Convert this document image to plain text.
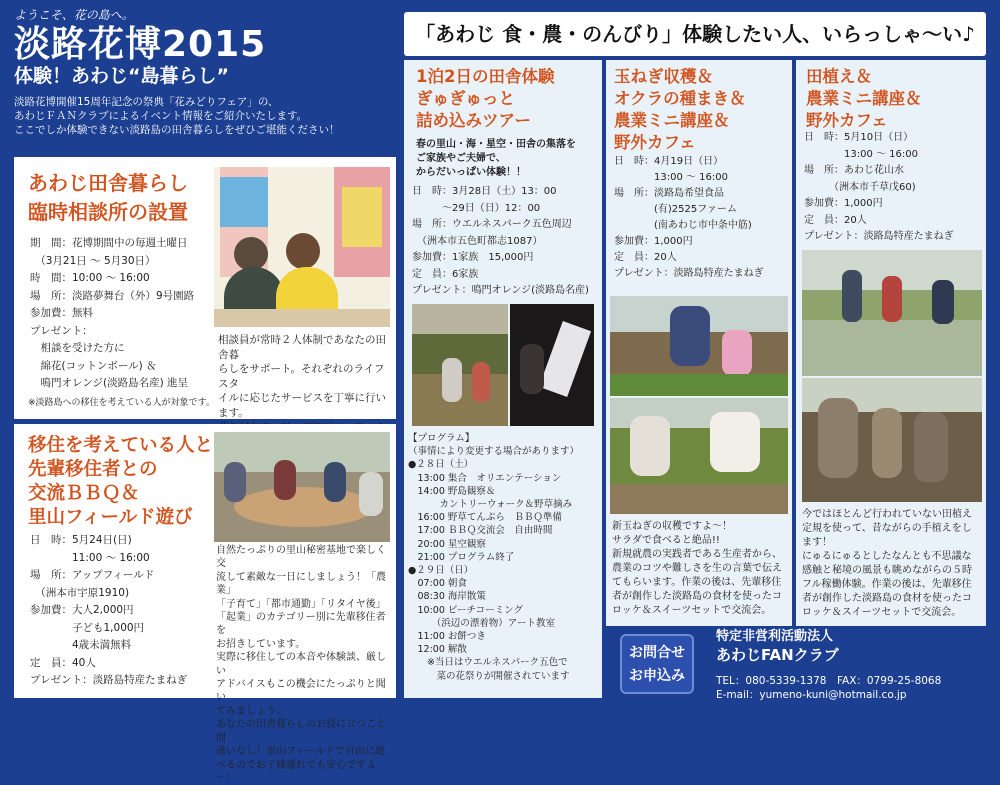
ようこそ、花の島へ。
淡路花博2015
体験！あわじ“島暮らし”
淡路花博開催15周年記念の祭典「花みどりフェア」の、
あわじＦＡＮクラブによるイベント情報をご紹介いたします。
ここでしか体験できない淡路島の田舎暮らしをぜひご堪能ください！
あわじ田舎暮らし
臨時相談所の設置
期　間：花博期間中の毎週土曜日
　（3月21日 ～ 5月30日）
時　間：10:00 ～ 16:00
場　所：淡路夢舞台（外）9号園路
参加費：無料
プレゼント：
　相談を受けた方に
　綿花(コットンボール) ＆
　鳴門オレンジ(淡路島名産) 進呈
※淡路島への移住を考えている人が対象です。
相談員が常時２人体制であなたの田舎暮
らしをサポート。それぞれのライフスタ
イルに応じたサービスを丁寧に行います。
移住を考えている人と
先輩移住者との
交流ＢＢＱ＆
里山フィールド遊び
日　時：5月24日(日)
　　　　11:00 ～ 16:00
場　所：アップフィールド
　（洲本市宇原1910)
参加費：大人2,000円
　　　　子ども1,000円
　　　　4歳未満無料
定　員：40人
プレゼント：淡路島特産たまねぎ
自然たっぷりの里山秘密基地で楽しく交
流して素敵な一日にしましょう！「農業」
「子育て」「都市通勤」「リタイヤ後」
「起業」のカテゴリー別に先輩移住者を
お招きしています。
実際に移住しての本音や体験談、厳しい
アドバイスもこの機会にたっぷりと聞い
てみましょう。
あなたの田舎暮らしのお役に立つこと間
違いなし！里山フィールドで自由に遊
べるのでお子様連れでも安心ですよ～！
「あわじ 食・農・のんびり」体験したい人、いらっしゃ～い♪
1泊2日の田舎体験
ぎゅぎゅっと
詰め込みツアー
春の里山・海・星空・田舎の集落を
ご家族やご夫婦で、
からだいっぱい体験！！
日　時：3月28日（土）13：00
　　　～29日（日）12：00
場　所：ウエルネスパーク五色周辺
　（洲本市五色町都志1087）
参加費：1家族　15,000円
定　員：6家族
プレゼント：鳴門オレンジ(淡路島名産)
【プログラム】
（事情により変更する場合があります）
●２８日（土）
　13:00 集合　オリエンテーション
　14:00 野島観察＆
　　　 カントリーウォーク＆野草摘み
　16:00 野草てんぷら　ＢＢＱ準備
　17:00 ＢＢＱ交流会　自由時間
　20:00 星空観察
　21:00 プログラム終了
●２９日（日）
　07:00 朝食
　08:30 海岸散策
　10:00 ビーチコーミング
　　　（浜辺の漂着物）アート教室
　11:00 お餅つき
　12:00 解散
　　※当日はウエルネスパーク五色で
　　　菜の花祭りが開催されています
玉ねぎ収穫＆
オクラの種まき＆
農業ミニ講座＆
野外カフェ
日　時：4月19日（日）
　　　　13:00 ～ 16:00
場　所：淡路島希望食品
　　　　(有)2525ファーム
　　　　(南あわじ市中条中筋)
参加費：1,000円
定　員：20人
プレゼント：淡路島特産たまねぎ
新玉ねぎの収穫ですよ～！
サラダで食べると絶品!!
新規就農の実践者である生産者から、
農業のコツや難しさを生の言葉で伝え
てもらいます。作業の後は、先輩移住
者が創作した淡路島の食材を使ったコ
ロッケ＆スイーツセットで交流会。
田植え＆
農業ミニ講座＆
野外カフェ
日　時：5月10日（日）
　　　　13:00 ～ 16:00
場　所：あわじ花山水
　　　（洲本市千草戊60)
参加費：1,000円
定　員：20人
プレゼント：淡路島特産たまねぎ
今ではほとんど行われていない田植え
定規を使って、昔ながらの手植えをし
ます！
にゅるにゅるとしたなんとも不思議な
感触と秘境の風景も眺めながらの５時
フル稼働体験。作業の後は、先輩移住
者が創作した淡路島の食材を使ったコ
ロッケ＆スイーツセットで交流会。
お問合せ
お申込み
特定非営利活動法人
あわじFANクラブ
TEL：080-5339-1378　FAX：0799-25-8068
E-mail：yumeno-kuni@hotmail.co.jp
